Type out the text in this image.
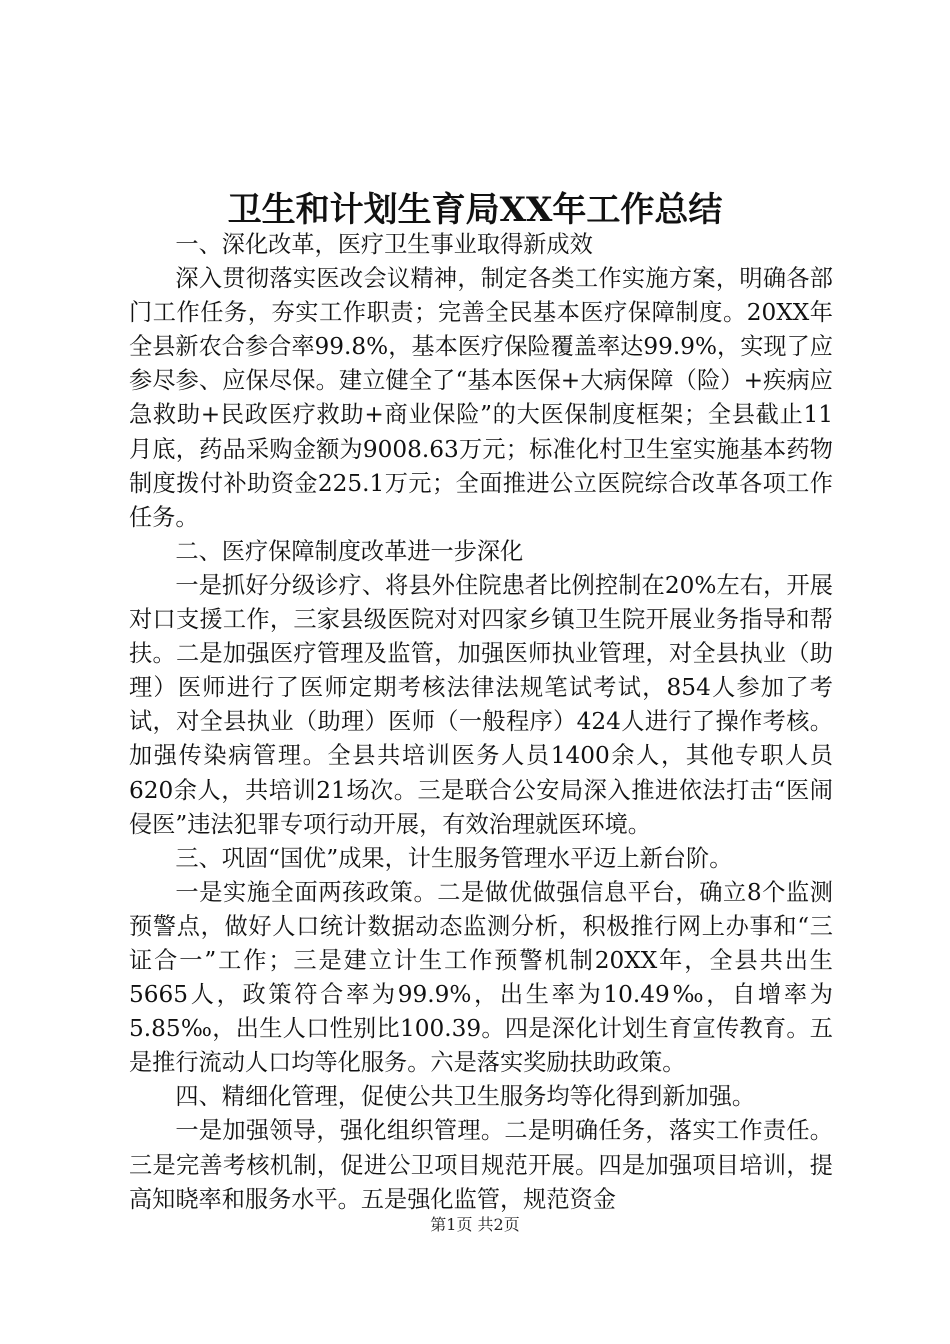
卫生和计划生育局XX年工作总结

一、深化改革，医疗卫生事业取得新成效

深入贯彻落实医改会议精神，制定各类工作实施方案，明确各部门工作任务，夯实工作职责；完善全民基本医疗保障制度。20XX年全县新农合参合率99.8%，基本医疗保险覆盖率达99.9%，实现了应参尽参、应保尽保。建立健全了“基本医保+大病保障（险）+疾病应急救助+民政医疗救助+商业保险”的大医保制度框架；全县截止11月底，药品采购金额为9008.63万元；标准化村卫生室实施基本药物制度拨付补助资金225.1万元；全面推进公立医院综合改革各项工作任务。

二、医疗保障制度改革进一步深化

一是抓好分级诊疗、将县外住院患者比例控制在20%左右，开展对口支援工作，三家县级医院对对四家乡镇卫生院开展业务指导和帮扶。二是加强医疗管理及监管，加强医师执业管理，对全县执业（助理）医师进行了医师定期考核法律法规笔试考试，854人参加了考试，对全县执业（助理）医师（一般程序）424人进行了操作考核。加强传染病管理。全县共培训医务人员1400余人，其他专职人员620余人，共培训21场次。三是联合公安局深入推进依法打击“医闹侵医”违法犯罪专项行动开展，有效治理就医环境。

三、巩固“国优”成果，计生服务管理水平迈上新台阶。

一是实施全面两孩政策。二是做优做强信息平台，确立8个监测预警点，做好人口统计数据动态监测分析，积极推行网上办事和“三证合一”工作；三是建立计生工作预警机制20XX年，全县共出生5665人，政策符合率为99.9%，出生率为10.49‰，自增率为5.85‰，出生人口性别比100.39。四是深化计划生育宣传教育。五是推行流动人口均等化服务。六是落实奖励扶助政策。

四、精细化管理，促使公共卫生服务均等化得到新加强。

一是加强领导，强化组织管理。二是明确任务，落实工作责任。三是完善考核机制，促进公卫项目规范开展。四是加强项目培训，提高知晓率和服务水平。五是强化监管，规范资金

第1页 共2页
